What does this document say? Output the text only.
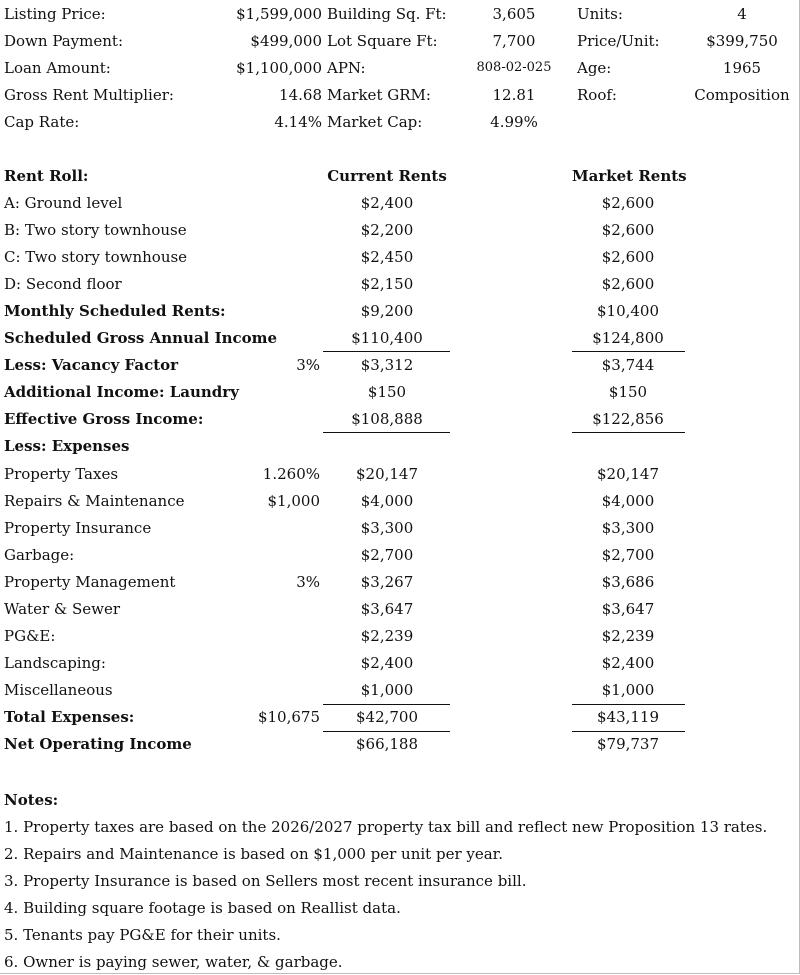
Listing Price:	$1,599,000 Building Sq. Ft:	3,605	Units:	4
Down Payment:	$499,000 Lot Square Ft:	7,700	Price/Unit:	$399,750
Loan Amount:	$1,100,000 APN:	808-02-025	Age:	1965
Gross Rent Multiplier:	14.68 Market GRM:	12.81	Roof:	Composition
Cap Rate:	4.14% Market Cap:	4.99%
Rent Roll:	Current Rents	Market Rents
A: Ground level	$2,400	$2,600
B: Two story townhouse	$2,200	$2,600
C: Two story townhouse	$2,450	$2,600
D: Second floor	$2,150	$2,600
Monthly Scheduled Rents:	$9,200	$10,400
Scheduled Gross Annual Income	$110,400	$124,800
Less: Vacancy Factor	3%	$3,312	$3,744
Additional Income: Laundry	$150	$150
Effective Gross Income:	$108,888	$122,856
Less: Expenses
Property Taxes	1.260%	$20,147	$20,147
Repairs & Maintenance	$1,000	$4,000	$4,000
Property Insurance	$3,300	$3,300
Garbage:	$2,700	$2,700
Property Management	3%	$3,267	$3,686
Water & Sewer	$3,647	$3,647
PG&E:	$2,239	$2,239
Landscaping:	$2,400	$2,400
Miscellaneous	$1,000	$1,000
Total Expenses:	$10,675	$42,700	$43,119
Net Operating Income	$66,188	$79,737
Notes:
1. Property taxes are based on the 2026/2027 property tax bill and reflect new Proposition 13 rates.
2. Repairs and Maintenance is based on $1,000 per unit per year.
3. Property Insurance is based on Sellers most recent insurance bill.
4. Building square footage is based on Reallist data.
5. Tenants pay PG&E for their units.
6. Owner is paying sewer, water, & garbage.
